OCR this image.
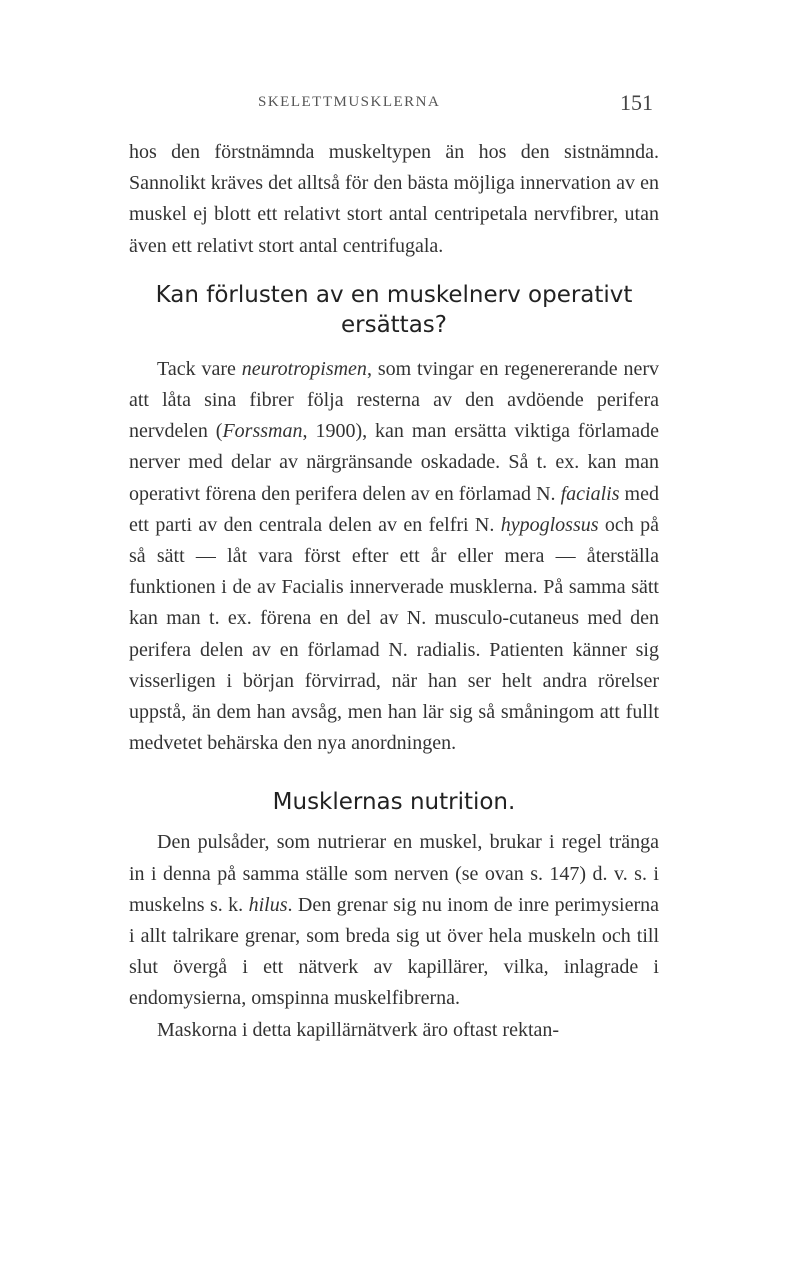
SKELETTMUSKLERNA	151

hos den förstnämnda muskeltypen än hos den sistnämnda. Sannolikt kräves det alltså för den bästa möjliga innervation av en muskel ej blott ett relativt stort antal centripetala nervfibrer, utan även ett relativt stort antal centrifugala.

Kan förlusten av en muskelnerv operativt ersättas?

Tack vare neurotropismen, som tvingar en regenererande nerv att låta sina fibrer följa resterna av den avdöende perifera nervdelen (Forssman, 1900), kan man ersätta viktiga förlamade nerver med delar av närgränsande oskadade. Så t. ex. kan man operativt förena den perifera delen av en förlamad N. facialis med ett parti av den centrala delen av en felfri N. hypoglossus och på så sätt — låt vara först efter ett år eller mera — återställa funktionen i de av Facialis innerverade musklerna. På samma sätt kan man t. ex. förena en del av N. musculo-cutaneus med den perifera delen av en förlamad N. radialis. Patienten känner sig visserligen i början förvirrad, när han ser helt andra rörelser uppstå, än dem han avsåg, men han lär sig så småningom att fullt medvetet behärska den nya anordningen.

Musklernas nutrition.

Den pulsåder, som nutrierar en muskel, brukar i regel tränga in i denna på samma ställe som nerven (se ovan s. 147) d. v. s. i muskelns s. k. hilus. Den grenar sig nu inom de inre perimysierna i allt talrikare grenar, som breda sig ut över hela muskeln och till slut övergå i ett nätverk av kapillärer, vilka, inlagrade i endomysierna, omspinna muskelfibrerna.

Maskorna i detta kapillärnätverk äro oftast rektan-
